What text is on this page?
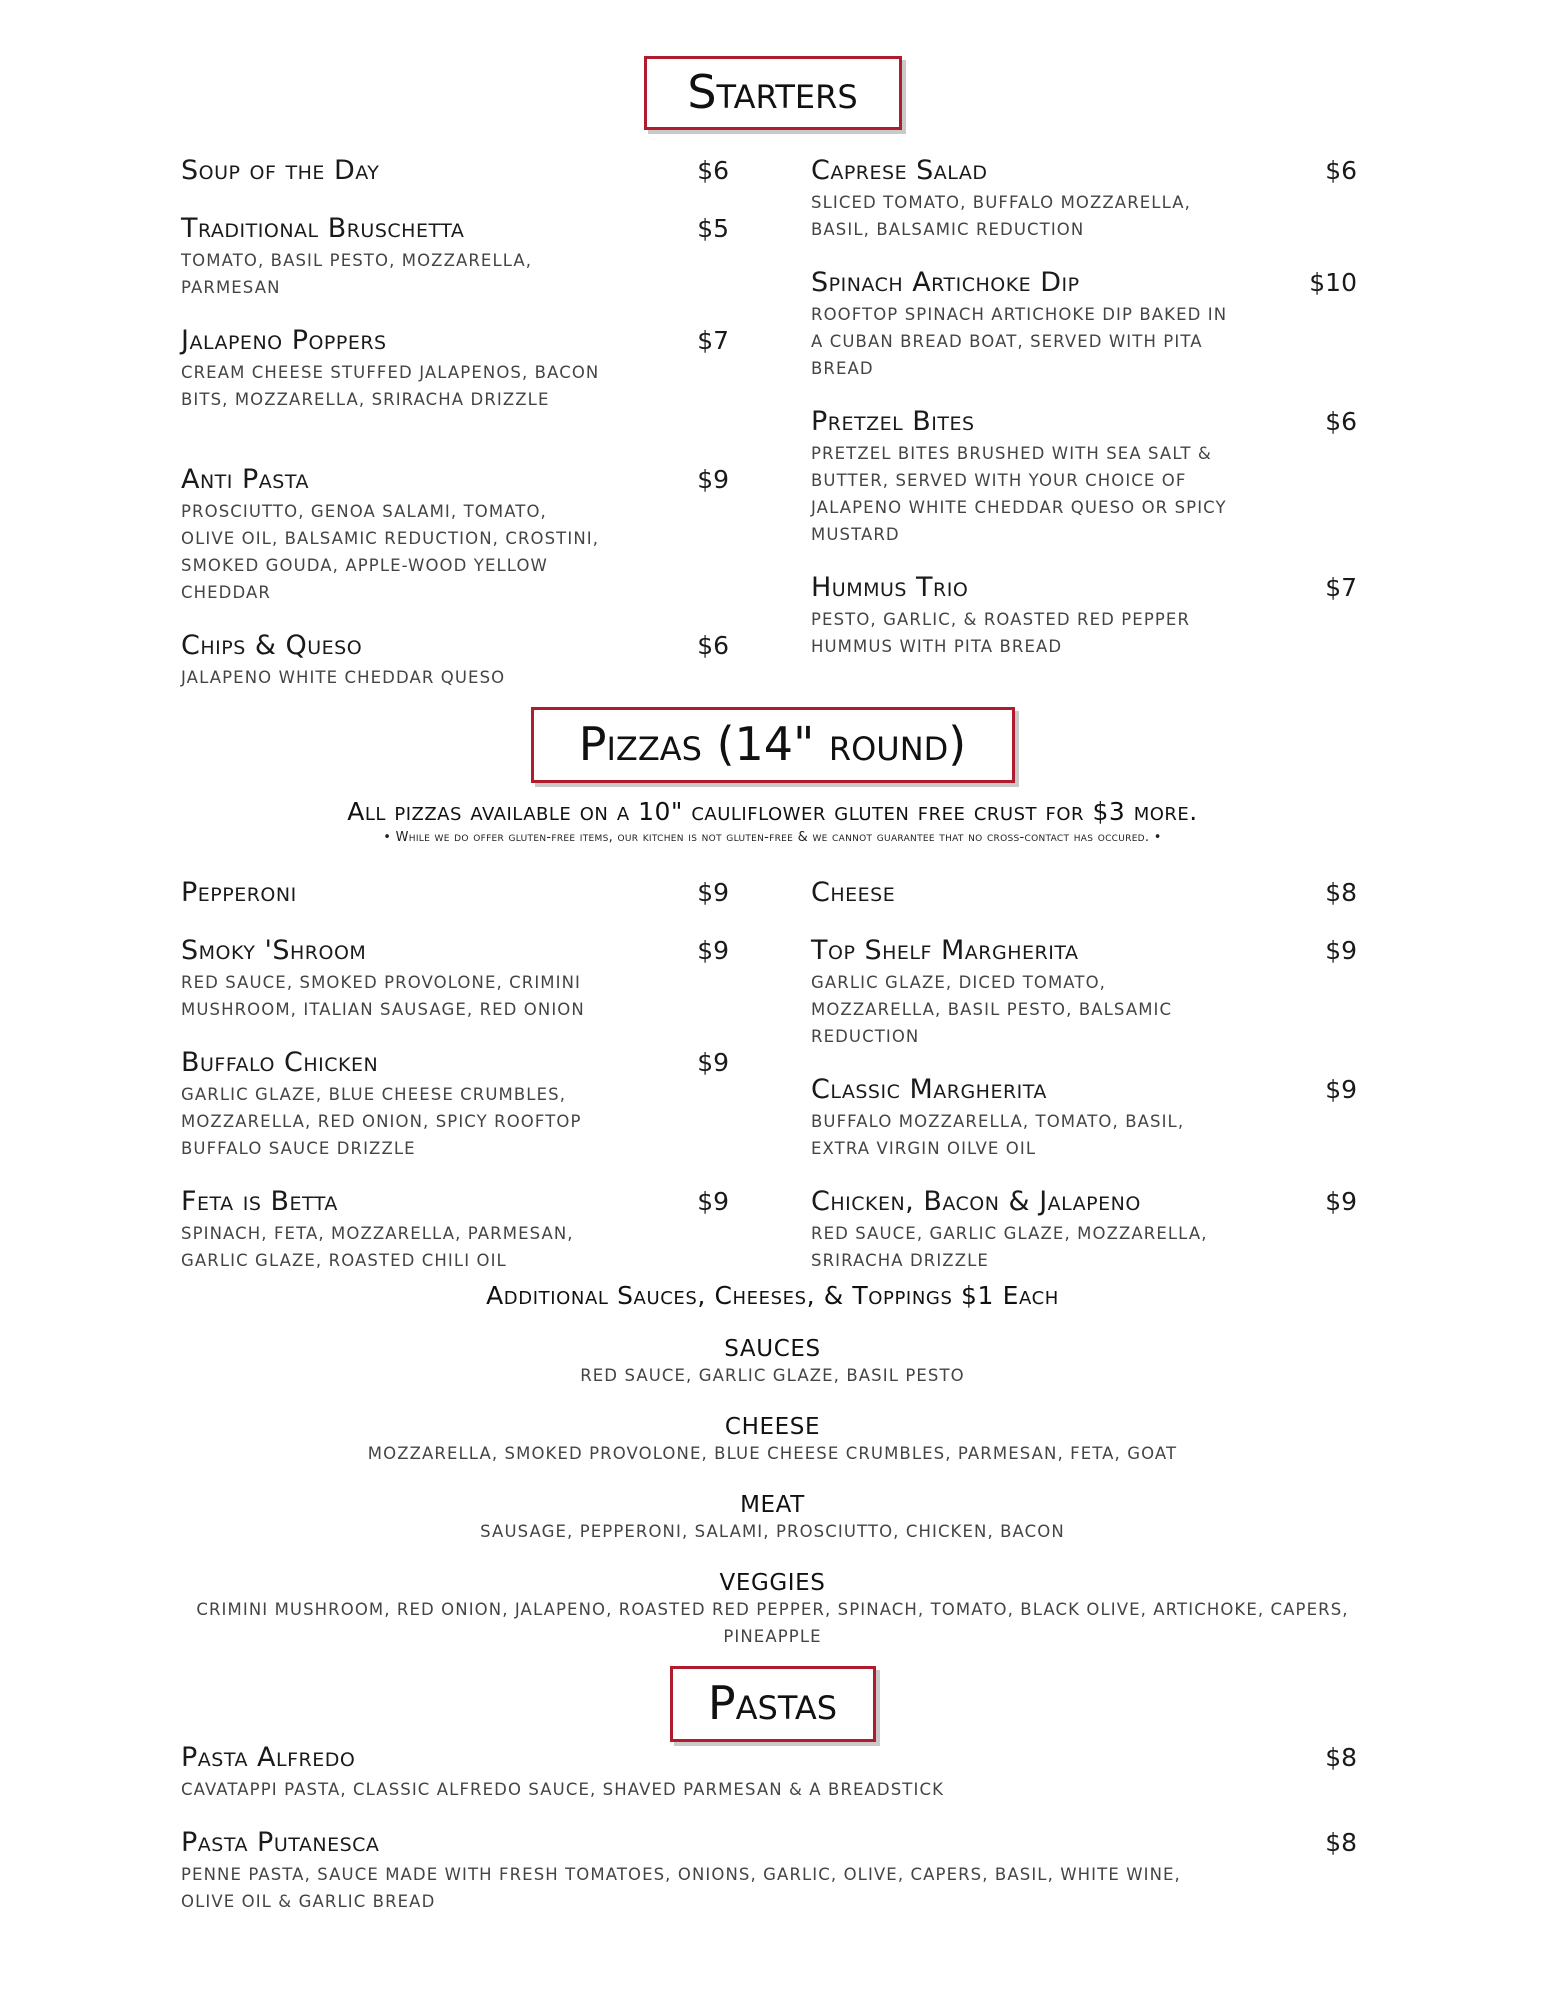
Starters
Soup of the Day	$6
Traditional Bruschetta	$5
TOMATO, BASIL PESTO, MOZZARELLA, PARMESAN
Jalapeno Poppers	$7
CREAM CHEESE STUFFED JALAPENOS, BACON BITS, MOZZARELLA, SRIRACHA DRIZZLE
Anti Pasta	$9
PROSCIUTTO, GENOA SALAMI, TOMATO, OLIVE OIL, BALSAMIC REDUCTION, CROSTINI, SMOKED GOUDA, APPLE-WOOD YELLOW CHEDDAR
Chips & Queso	$6
JALAPENO WHITE CHEDDAR QUESO
Caprese Salad	$6
SLICED TOMATO, BUFFALO MOZZARELLA, BASIL, BALSAMIC REDUCTION
Spinach Artichoke Dip	$10
ROOFTOP SPINACH ARTICHOKE DIP BAKED IN A CUBAN BREAD BOAT, SERVED WITH PITA BREAD
Pretzel Bites	$6
PRETZEL BITES BRUSHED WITH SEA SALT & BUTTER, SERVED WITH YOUR CHOICE OF JALAPENO WHITE CHEDDAR QUESO OR SPICY MUSTARD
Hummus Trio	$7
PESTO, GARLIC, & ROASTED RED PEPPER HUMMUS WITH PITA BREAD
Pizzas (14" round)
All pizzas available on a 10" cauliflower gluten free crust for $3 more.
• While we do offer gluten-free items, our kitchen is not gluten-free & we cannot guarantee that no cross-contact has occured. •
Pepperoni	$9
Smoky 'Shroom	$9
RED SAUCE, SMOKED PROVOLONE, CRIMINI MUSHROOM, ITALIAN SAUSAGE, RED ONION
Buffalo Chicken	$9
GARLIC GLAZE, BLUE CHEESE CRUMBLES, MOZZARELLA, RED ONION, SPICY ROOFTOP BUFFALO SAUCE DRIZZLE
Feta is Betta	$9
SPINACH, FETA, MOZZARELLA, PARMESAN, GARLIC GLAZE, ROASTED CHILI OIL
Cheese	$8
Top Shelf Margherita	$9
GARLIC GLAZE, DICED TOMATO, MOZZARELLA, BASIL PESTO, BALSAMIC REDUCTION
Classic Margherita	$9
BUFFALO MOZZARELLA, TOMATO, BASIL, EXTRA VIRGIN OILVE OIL
Chicken, Bacon & Jalapeno	$9
RED SAUCE, GARLIC GLAZE, MOZZARELLA, SRIRACHA DRIZZLE
Additional Sauces, Cheeses, & Toppings $1 Each
SAUCES
RED SAUCE, GARLIC GLAZE, BASIL PESTO
CHEESE
MOZZARELLA, SMOKED PROVOLONE, BLUE CHEESE CRUMBLES, PARMESAN, FETA, GOAT
MEAT
SAUSAGE, PEPPERONI, SALAMI, PROSCIUTTO, CHICKEN, BACON
VEGGIES
CRIMINI MUSHROOM, RED ONION, JALAPENO, ROASTED RED PEPPER, SPINACH, TOMATO, BLACK OLIVE, ARTICHOKE, CAPERS, PINEAPPLE
Pastas
Pasta Alfredo	$8
CAVATAPPI PASTA, CLASSIC ALFREDO SAUCE, SHAVED PARMESAN & A BREADSTICK
Pasta Putanesca	$8
PENNE PASTA, SAUCE MADE WITH FRESH TOMATOES, ONIONS, GARLIC, OLIVE, CAPERS, BASIL, WHITE WINE, OLIVE OIL & GARLIC BREAD
